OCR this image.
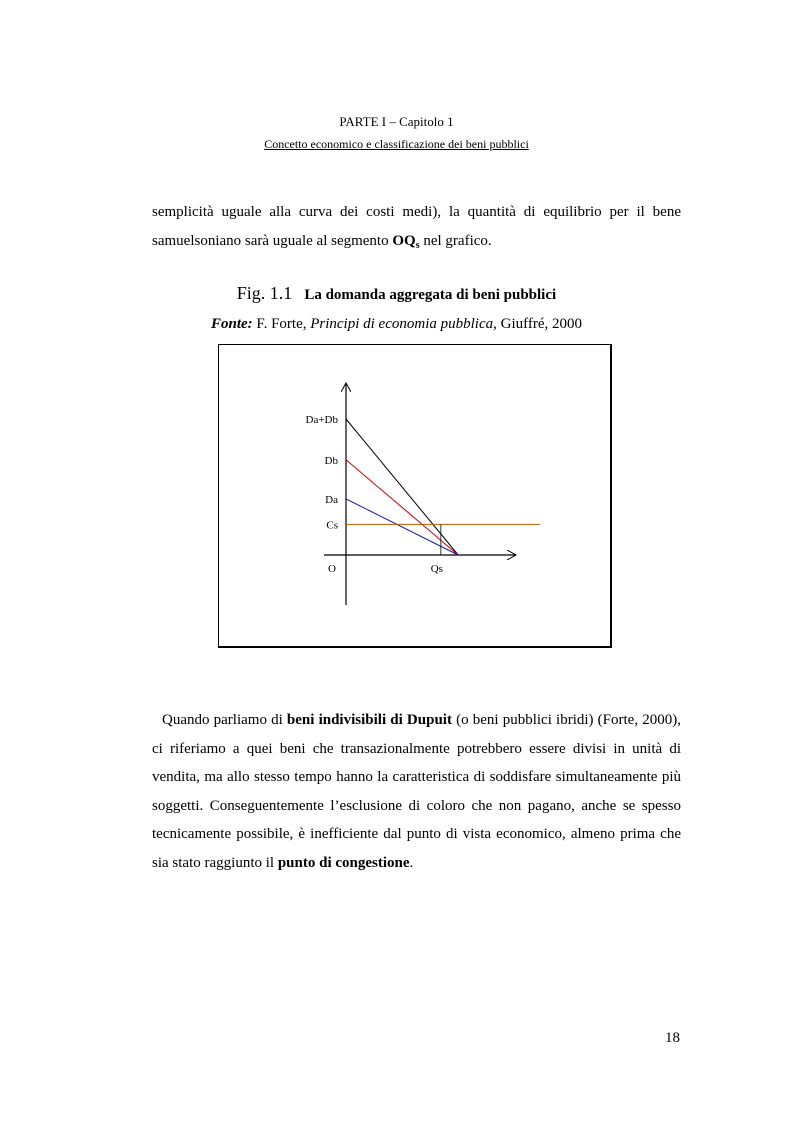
PARTE I – Capitolo 1
Concetto economico e classificazione dei beni pubblici
semplicità uguale alla curva dei costi medi), la quantità di equilibrio per il bene samuelsoniano sarà uguale al segmento $OQ_s$ nel grafico.
Fig. 1.1 La domanda aggregata di beni pubblici
Fonte: F. Forte, Principi di economia pubblica, Giuffré, 2000
Da+Db
Db
Da
Cs
Qs
O
Quando parliamo di beni indivisibili di Dupuit (o beni pubblici ibridi) (Forte, 2000), ci riferiamo a quei beni che transazionalmente potrebbero essere divisi in unità di vendita, ma allo stesso tempo hanno la caratteristica di soddisfare simultaneamente più soggetti. Conseguentemente l’esclusione di coloro che non pagano, anche se spesso tecnicamente possibile, è inefficiente dal punto di vista economico, almeno prima che sia stato raggiunto il punto di congestione.
18
